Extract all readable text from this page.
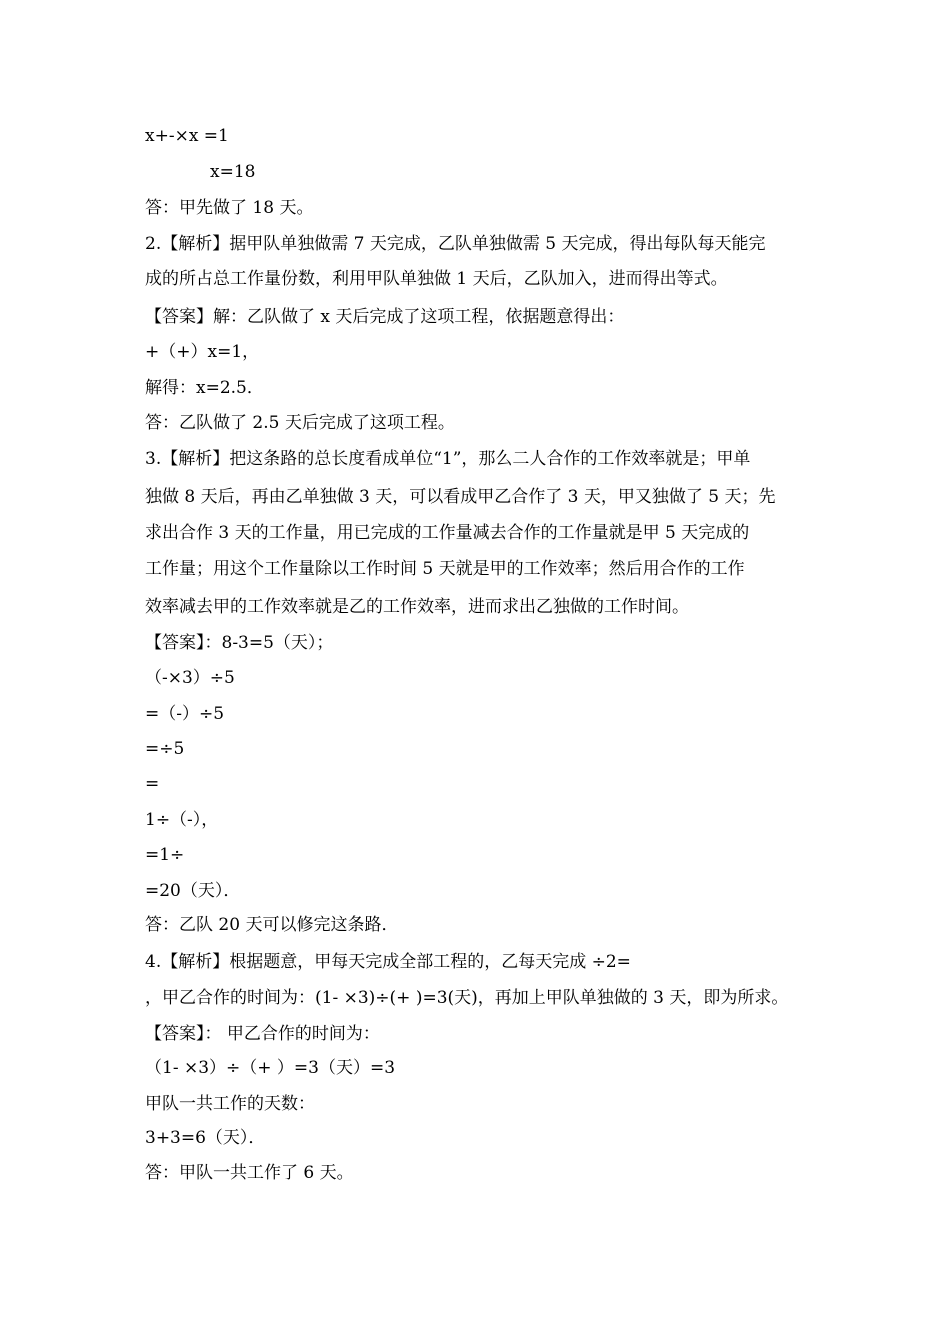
x+-×x =1
x=18
答：甲先做了 18 天。
2.【解析】据甲队单独做需 7 天完成，乙队单独做需 5 天完成，得出每队每天能完
成的所占总工作量份数，利用甲队单独做 1 天后，乙队加入，进而得出等式。
【答案】解：乙队做了 x 天后完成了这项工程，依据题意得出：
+（+）x=1，
解得：x=2.5．
答：乙队做了 2.5 天后完成了这项工程。
3.【解析】把这条路的总长度看成单位“1”，那么二人合作的工作效率就是；甲单
独做 8 天后，再由乙单独做 3 天，可以看成甲乙合作了 3 天，甲又独做了 5 天；先
求出合作 3 天的工作量，用已完成的工作量减去合作的工作量就是甲 5 天完成的
工作量；用这个工作量除以工作时间 5 天就是甲的工作效率；然后用合作的工作
效率减去甲的工作效率就是乙的工作效率，进而求出乙独做的工作时间。
【答案】：8-3=5（天）；
（-×3）÷5
=（-）÷5
=÷5
=
1÷（-），
=1÷
=20（天）．
答：乙队 20 天可以修完这条路．
4.【解析】根据题意，甲每天完成全部工程的，乙每天完成 ÷2=
，甲乙合作的时间为：(1- ×3)÷(+ )=3(天)，再加上甲队单独做的 3 天，即为所求。
【答案】： 甲乙合作的时间为：
（1- ×3）÷（+ ）=3（天）=3
甲队一共工作的天数：
3+3=6（天）．
答：甲队一共工作了 6 天。
